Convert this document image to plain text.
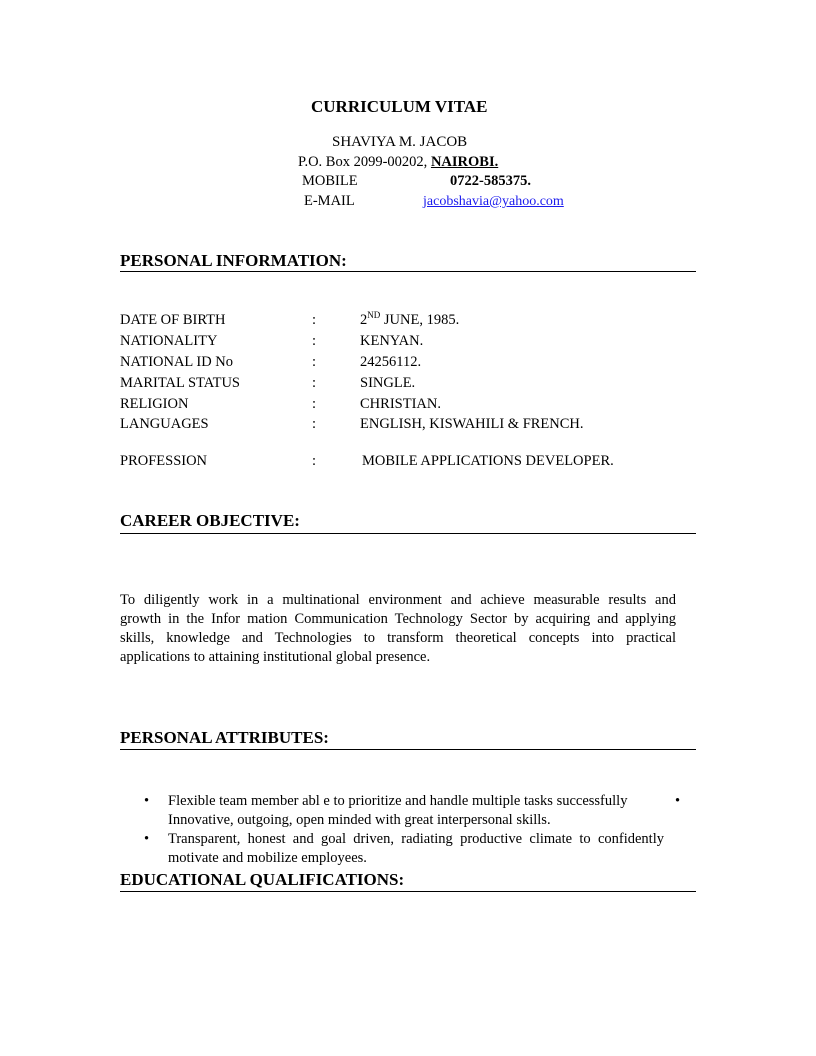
CURRICULUM VITAE
SHAVIYA M. JACOB
P.O. Box 2099-00202, NAIROBI.
MOBILE	0722-585375.
E-MAIL	jacobshavia@yahoo.com
PERSONAL INFORMATION:
DATE OF BIRTH	:	2ND JUNE, 1985.
NATIONALITY	:	KENYAN.
NATIONAL ID No	:	24256112.
MARITAL STATUS	:	SINGLE.
RELIGION	:	CHRISTIAN.
LANGUAGES	:	ENGLISH, KISWAHILI & FRENCH.
PROFESSION	:	MOBILE APPLICATIONS DEVELOPER.
CAREER OBJECTIVE:
To diligently work in a multinational environment and achieve measurable results and
growth in the Infor mation Communication Technology Sector by acquiring and applying
skills, knowledge and Technologies to transform theoretical concepts into practical
applications to attaining institutional global presence.
PERSONAL ATTRIBUTES:
• Flexible team member abl e to prioritize and handle multiple tasks successfully
Innovative, outgoing, open minded with great interpersonal skills.
•
• Transparent, honest and goal driven, radiating productive climate to confidently
motivate and mobilize employees.
EDUCATIONAL QUALIFICATIONS:
